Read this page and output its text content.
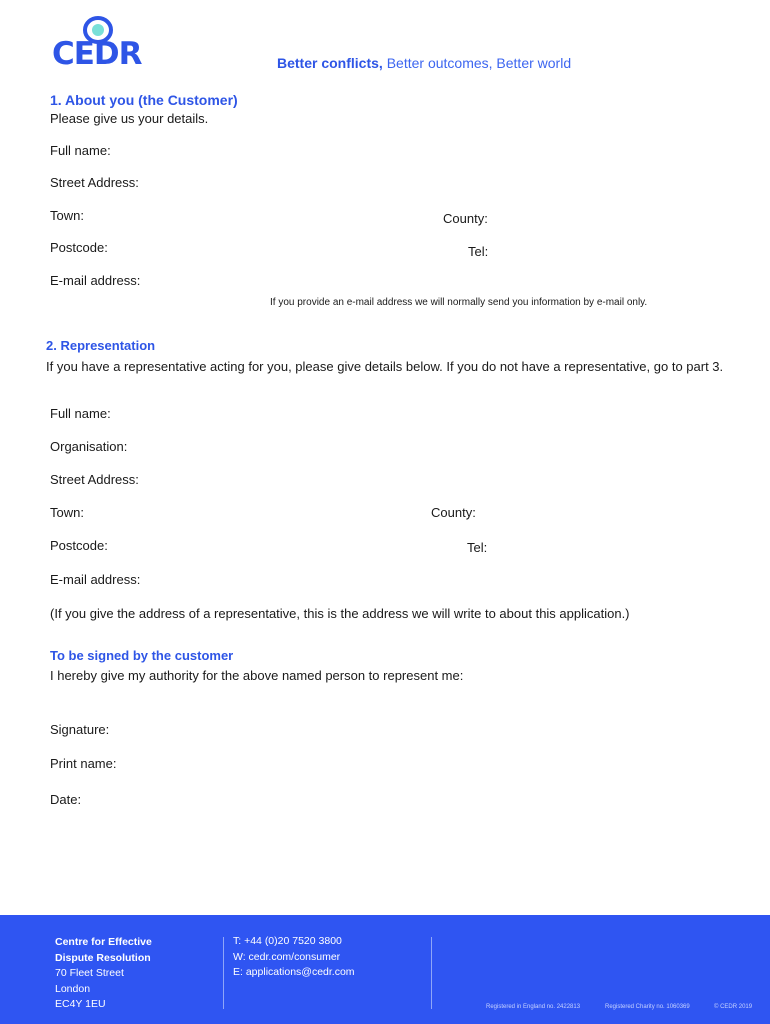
CEDR	Better conflicts, Better outcomes, Better world
1. About you (the Customer)
Please give us your details.
Full name:
Street Address:
Town:	County:
Postcode:	Tel:
E-mail address:
If you provide an e-mail address we will normally send you information by e-mail only.
2. Representation
If you have a representative acting for you, please give details below. If you do not have a representative, go to part 3.
Full name:
Organisation:
Street Address:
Town:	County:
Postcode:	Tel:
E-mail address:
(If you give the address of a representative, this is the address we will write to about this application.)
To be signed by the customer
I hereby give my authority for the above named person to represent me:
Signature:
Print name:
Date:
Centre for Effective
Dispute Resolution
70 Fleet Street
London
EC4Y 1EU
T: +44 (0)20 7520 3800
W: cedr.com/consumer
E: applications@cedr.com
Registered in England no. 2422813	Registered Charity no. 1060369	© CEDR 2019
